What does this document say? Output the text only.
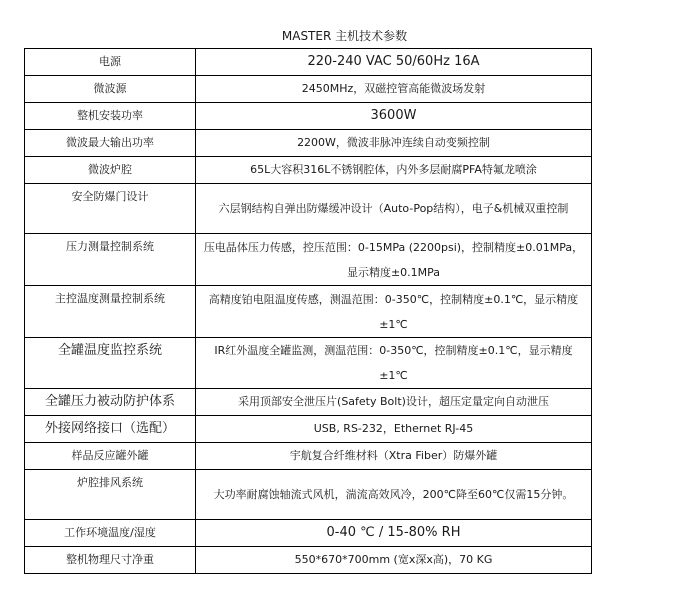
MASTER 主机技术参数
电源	220-240 VAC 50/60Hz 16A
微波源	2450MHz，双磁控管高能微波场发射
整机安装功率	3600W
微波最大输出功率	2200W，微波非脉冲连续自动变频控制
微波炉腔	65L大容积316L不锈钢腔体，内外多层耐腐PFA特氟龙喷涂
安全防爆门设计	六层钢结构自弹出防爆缓冲设计（Auto-Pop结构），电子&机械双重控制
压力测量控制系统	压电晶体压力传感，控压范围：0-15MPa (2200psi)，控制精度±0.01MPa，显示精度±0.1MPa
主控温度测量控制系统	高精度铂电阻温度传感，测温范围：0-350℃，控制精度±0.1℃，显示精度±1℃
全罐温度监控系统	IR红外温度全罐监测，测温范围：0-350℃，控制精度±0.1℃，显示精度±1℃
全罐压力被动防护体系	采用顶部安全泄压片(Safety Bolt)设计，超压定量定向自动泄压
外接网络接口（选配）	USB, RS-232，Ethernet RJ-45
样品反应罐外罐	宇航复合纤维材料（Xtra Fiber）防爆外罐
炉腔排风系统	大功率耐腐蚀轴流式风机，湍流高效风冷，200℃降至60℃仅需15分钟。
工作环境温度/湿度	0-40 ℃ / 15-80% RH
整机物理尺寸净重	550*670*700mm (宽x深x高)，70 KG
